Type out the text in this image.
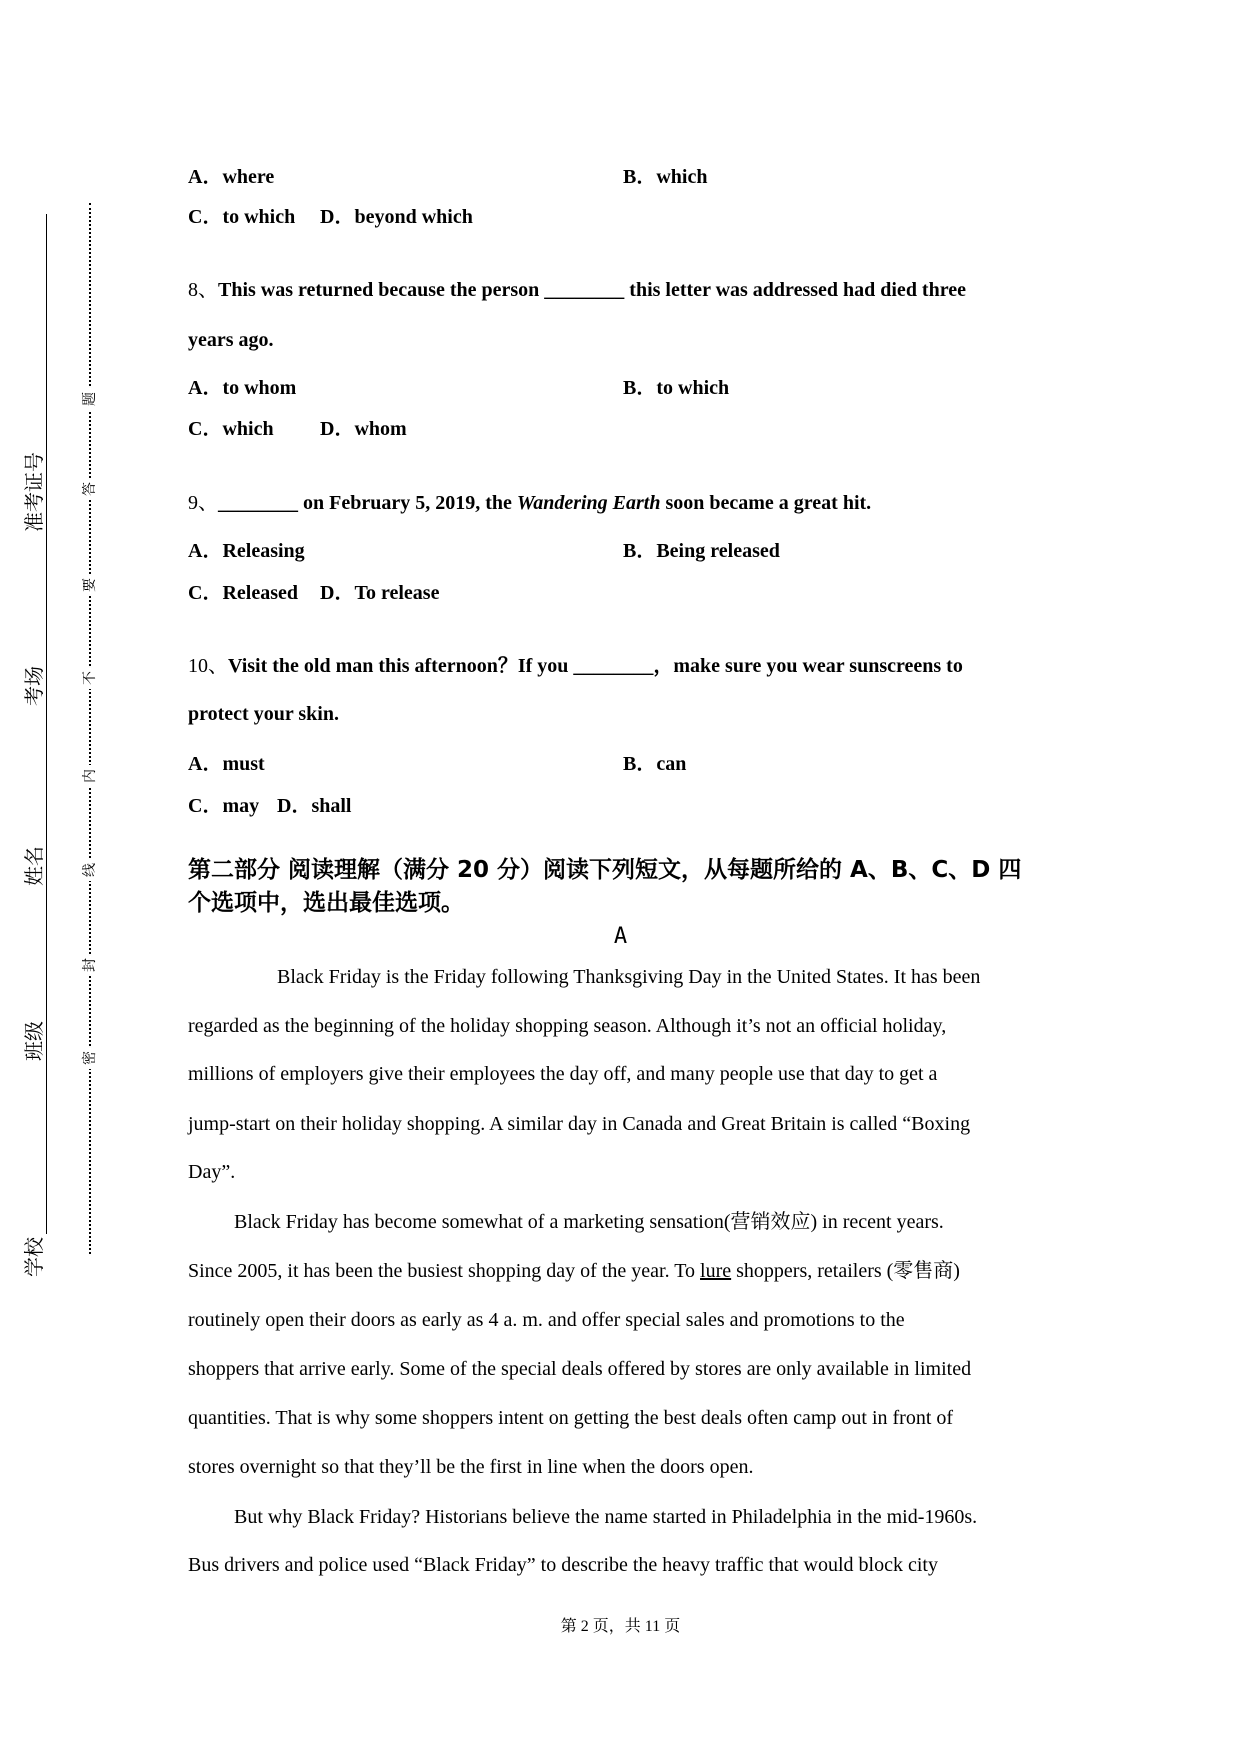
学校
班级
姓名
考场
准考证号
密
封
线
内
不
要
答
题
A．where	B．which
C．to which D．beyond which
8、This was returned because the person ________ this letter was addressed had died three
years ago.
A．to whom	B．to which
C．which D．whom
9、________ on February 5, 2019, the Wandering Earth soon became a great hit.
A．Releasing	B．Being released
C．Released D．To release
10、Visit the old man this afternoon？If you ________，make sure you wear sunscreens to
protect your skin.
A．must	B．can
C．may D．shall
第二部分 阅读理解（满分 20 分）阅读下列短文，从每题所给的 A、B、C、D 四
个选项中，选出最佳选项。
A
Black Friday is the Friday following Thanksgiving Day in the United States. It has been
regarded as the beginning of the holiday shopping season. Although it’s not an official holiday,
millions of employers give their employees the day off, and many people use that day to get a
jump-start on their holiday shopping. A similar day in Canada and Great Britain is called “Boxing
Day”.
Black Friday has become somewhat of a marketing sensation(营销效应) in recent years.
Since 2005, it has been the busiest shopping day of the year. To lure shoppers, retailers (零售商)
routinely open their doors as early as 4 a. m. and offer special sales and promotions to the
shoppers that arrive early. Some of the special deals offered by stores are only available in limited
quantities. That is why some shoppers intent on getting the best deals often camp out in front of
stores overnight so that they’ll be the first in line when the doors open.
But why Black Friday? Historians believe the name started in Philadelphia in the mid-1960s.
Bus drivers and police used “Black Friday” to describe the heavy traffic that would block city
第 2 页，共 11 页
